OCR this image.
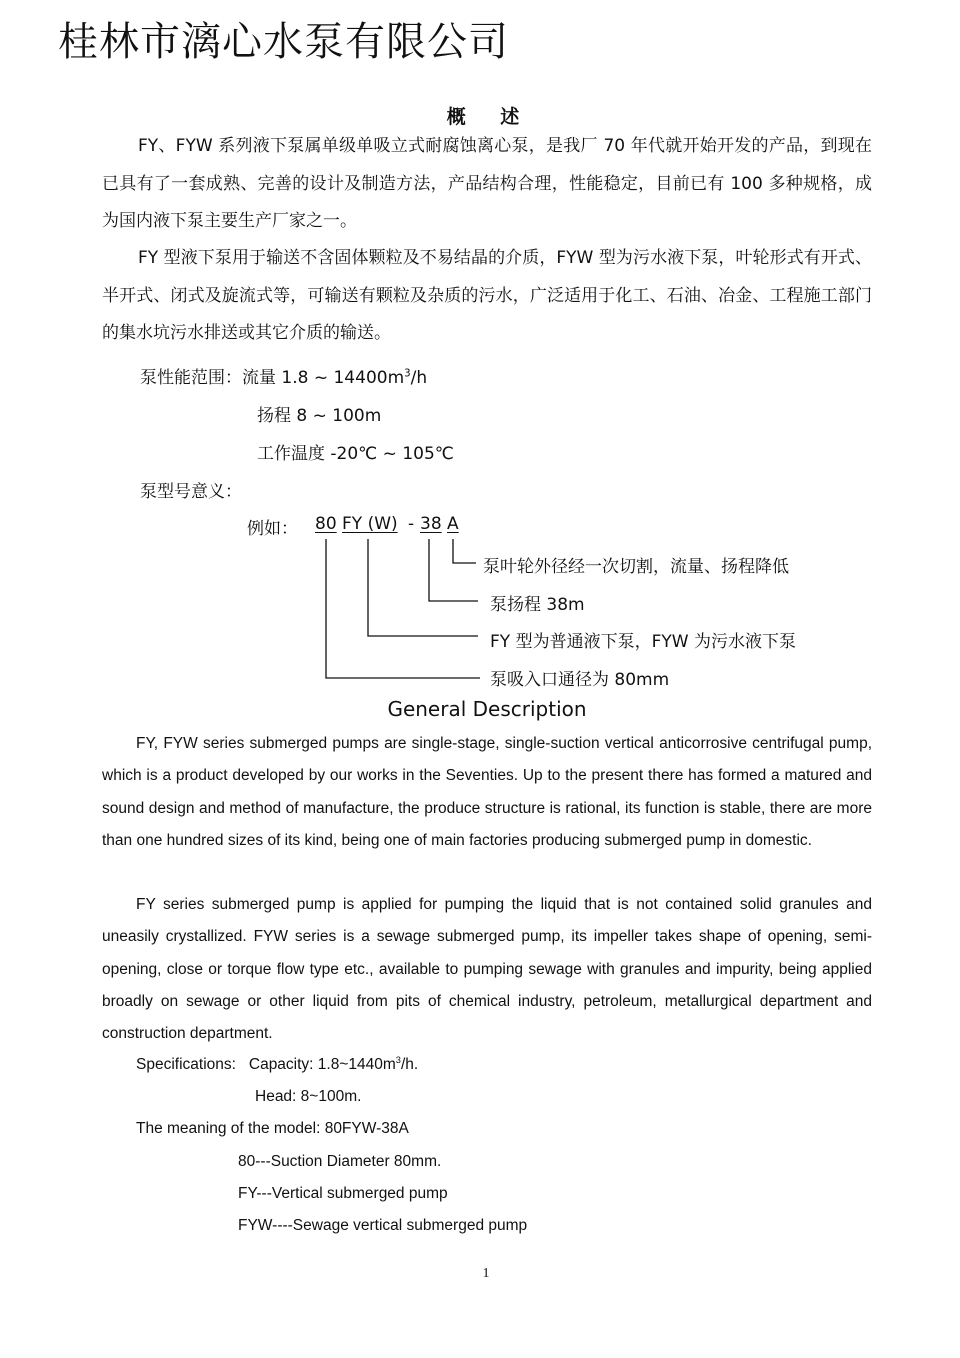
桂林市漓心水泵有限公司
概 述
FY、FYW 系列液下泵属单级单吸立式耐腐蚀离心泵，是我厂 70 年代就开始开发的产品，到现在已具有了一套成熟、完善的设计及制造方法，产品结构合理，性能稳定，目前已有 100 多种规格，成为国内液下泵主要生产厂家之一。
FY 型液下泵用于输送不含固体颗粒及不易结晶的介质，FYW 型为污水液下泵，叶轮形式有开式、半开式、闭式及旋流式等，可输送有颗粒及杂质的污水，广泛适用于化工、石油、冶金、工程施工部门的集水坑污水排送或其它介质的输送。
泵性能范围：流量 1.8 ~ $14400m^3/h$
扬程 8 ~ 100m
工作温度 -20℃ ~ 105℃
泵型号意义：
例如： 80 FY (W) - 38 A
泵叶轮外径经一次切割，流量、扬程降低
泵扬程 38m
FY 型为普通液下泵，FYW 为污水液下泵
泵吸入口通径为 80mm
General Description
FY, FYW series submerged pumps are single-stage, single-suction vertical anticorrosive centrifugal pump, which is a product developed by our works in the Seventies. Up to the present there has formed a matured and sound design and method of manufacture, the produce structure is rational, its function is stable, there are more than one hundred sizes of its kind, being one of main factories producing submerged pump in domestic.
FY series submerged pump is applied for pumping the liquid that is not contained solid granules and uneasily crystallized. FYW series is a sewage submerged pump, its impeller takes shape of opening, semi-opening, close or torque flow type etc., available to pumping sewage with granules and impurity, being applied broadly on sewage or other liquid from pits of chemical industry, petroleum, metallurgical department and construction department.
Specifications: Capacity: $1.8\sim 1440m^3/h$.
Head: 8~100m.
The meaning of the model: 80FYW-38A
80---Suction Diameter 80mm.
FY---Vertical submerged pump
FYW----Sewage vertical submerged pump
1
